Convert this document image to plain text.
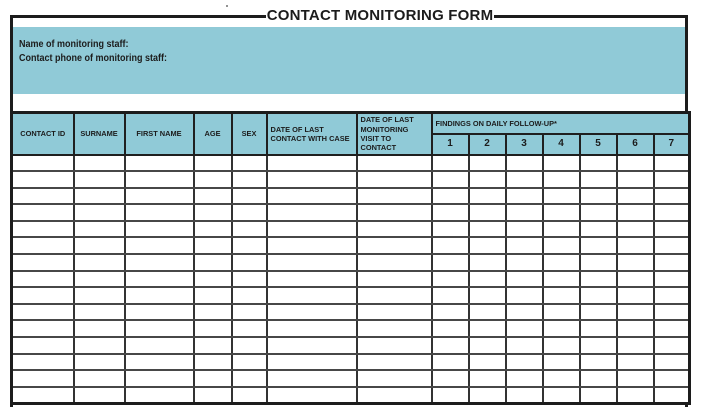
CONTACT MONITORING FORM
Name of monitoring staff:
Contact phone of monitoring staff:
CONTACT ID	SURNAME	FIRST NAME	AGE	SEX	DATE OF LAST CONTACT WITH CASE	DATE OF LAST MONITORING VISIT TO CONTACT	FINDINGS ON DAILY FOLLOW-UP*						
							1	2	3	4	5	6	7
